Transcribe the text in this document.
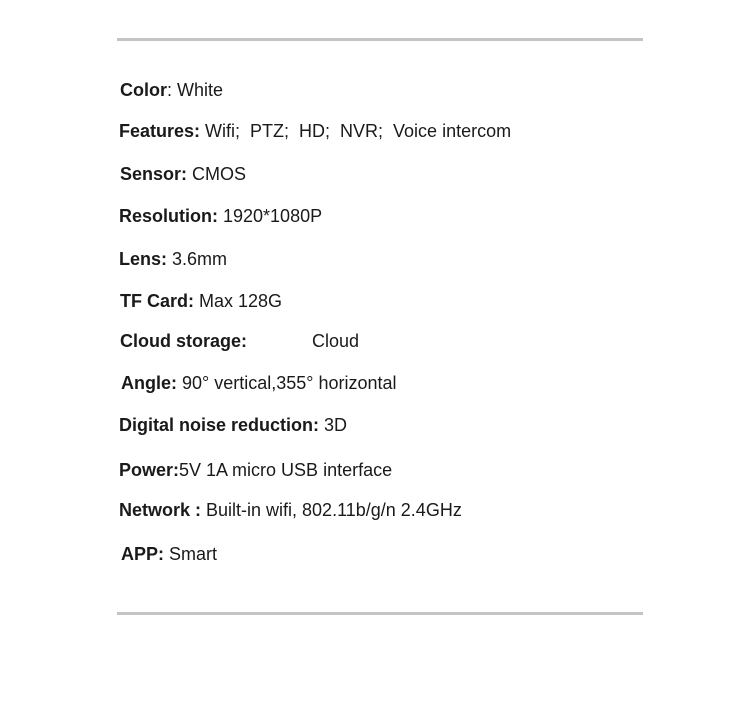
Color: White
Features: Wifi;  PTZ;  HD;  NVR;  Voice intercom
Sensor: CMOS
Resolution: 1920*1080P
Lens: 3.6mm
TF Card: Max 128G
Cloud storage:             Cloud
Angle: 90° vertical,355° horizontal
Digital noise reduction: 3D
Power:5V 1A micro USB interface
Network : Built-in wifi, 802.11b/g/n 2.4GHz
APP: Smart
